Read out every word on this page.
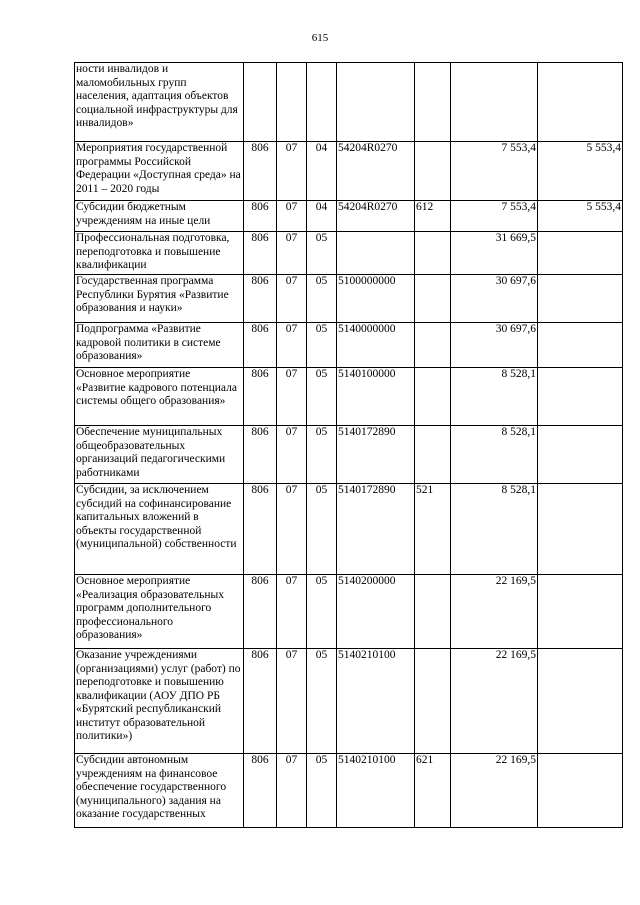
615
ности инвалидов и маломобильных групп населения, адаптация объектов социальной инфраструктуры для инвалидов»							
Мероприятия государственной программы Российской Федерации «Доступная среда» на 2011 – 2020 годы	806	07	04	54204R0270		7 553,4	5 553,4
Субсидии бюджетным учреждениям на иные цели	806	07	04	54204R0270	612	7 553,4	5 553,4
Профессиональная подготовка, переподготовка и повышение квалификации	806	07	05			31 669,5	
Государственная программа Республики Бурятия «Развитие образования и науки»	806	07	05	5100000000		30 697,6	
Подпрограмма «Развитие кадровой политики в системе образования»	806	07	05	5140000000		30 697,6	
Основное мероприятие «Развитие кадрового потенциала системы общего образования»	806	07	05	5140100000		8 528,1	
Обеспечение муниципальных общеобразовательных организаций педагогическими работниками	806	07	05	5140172890		8 528,1	
Субсидии, за исключением субсидий на софинансирование капитальных вложений в объекты государственной (муниципальной) собственности	806	07	05	5140172890	521	8 528,1	
Основное мероприятие «Реализация образовательных программ дополнительного профессионального образования»	806	07	05	5140200000		22 169,5	
Оказание учреждениями (организациями) услуг (работ) по переподготовке и повышению квалификации (АОУ ДПО РБ «Бурятский республиканский институт образовательной политики»)	806	07	05	5140210100		22 169,5	
Субсидии автономным учреждениям на финансовое обеспечение государственного (муниципального) задания на оказание государственных	806	07	05	5140210100	621	22 169,5	
